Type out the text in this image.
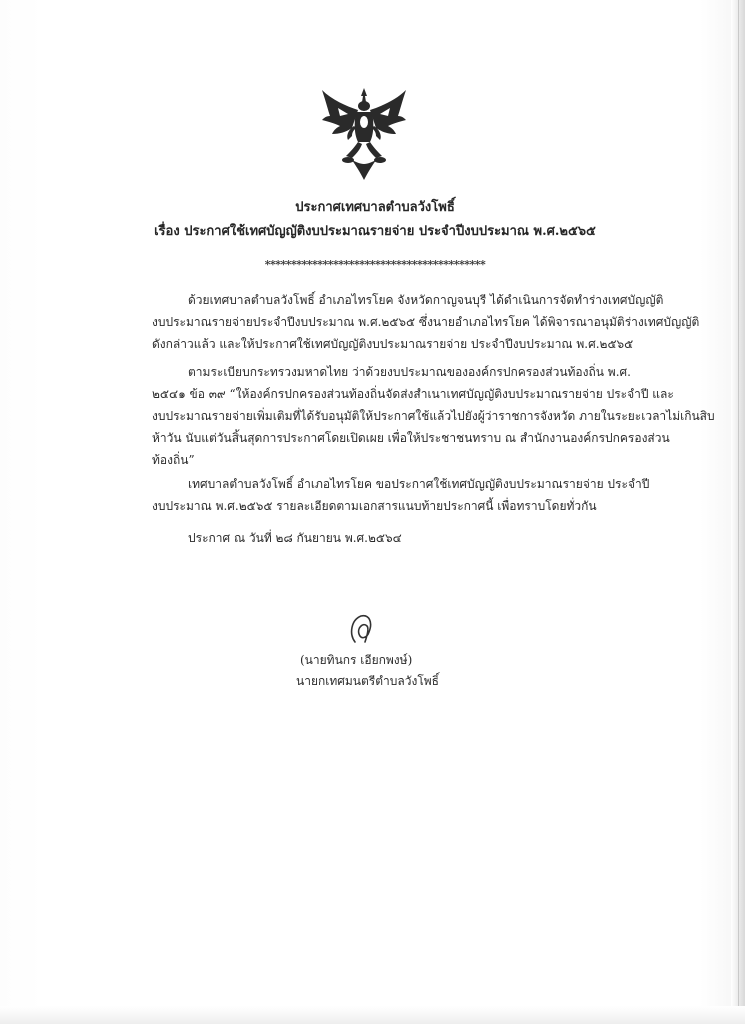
ประกาศเทศบาลตำบลวังโพธิ์
เรื่อง ประกาศใช้เทศบัญญัติงบประมาณรายจ่าย ประจำปีงบประมาณ พ.ศ.๒๕๖๕
******************************************
ด้วยเทศบาลตำบลวังโพธิ์ อำเภอไทรโยค จังหวัดกาญจนบุรี ได้ดำเนินการจัดทำร่างเทศบัญญัติ
งบประมาณรายจ่ายประจำปีงบประมาณ พ.ศ.๒๕๖๕ ซึ่งนายอำเภอไทรโยค ได้พิจารณาอนุมัติร่างเทศบัญญัติ
ดังกล่าวแล้ว และให้ประกาศใช้เทศบัญญัติงบประมาณรายจ่าย ประจำปีงบประมาณ พ.ศ.๒๕๖๕
ตามระเบียบกระทรวงมหาดไทย ว่าด้วยงบประมาณขององค์กรปกครองส่วนท้องถิ่น พ.ศ.
๒๕๔๑ ข้อ ๓๙ “ให้องค์กรปกครองส่วนท้องถิ่นจัดส่งสำเนาเทศบัญญัติงบประมาณรายจ่าย ประจำปี และ
งบประมาณรายจ่ายเพิ่มเติมที่ได้รับอนุมัติให้ประกาศใช้แล้วไปยังผู้ว่าราชการจังหวัด ภายในระยะเวลาไม่เกินสิบ
ห้าวัน นับแต่วันสิ้นสุดการประกาศโดยเปิดเผย เพื่อให้ประชาชนทราบ ณ สำนักงานองค์กรปกครองส่วน
ท้องถิ่น”
เทศบาลตำบลวังโพธิ์ อำเภอไทรโยค ขอประกาศใช้เทศบัญญัติงบประมาณรายจ่าย ประจำปี
งบประมาณ พ.ศ.๒๕๖๕ รายละเอียดตามเอกสารแนบท้ายประกาศนี้ เพื่อทราบโดยทั่วกัน
ประกาศ ณ วันที่ ๒๘ กันยายน พ.ศ.๒๕๖๔
(นายทินกร เอียกพงษ์)
นายกเทศมนตรีตำบลวังโพธิ์
